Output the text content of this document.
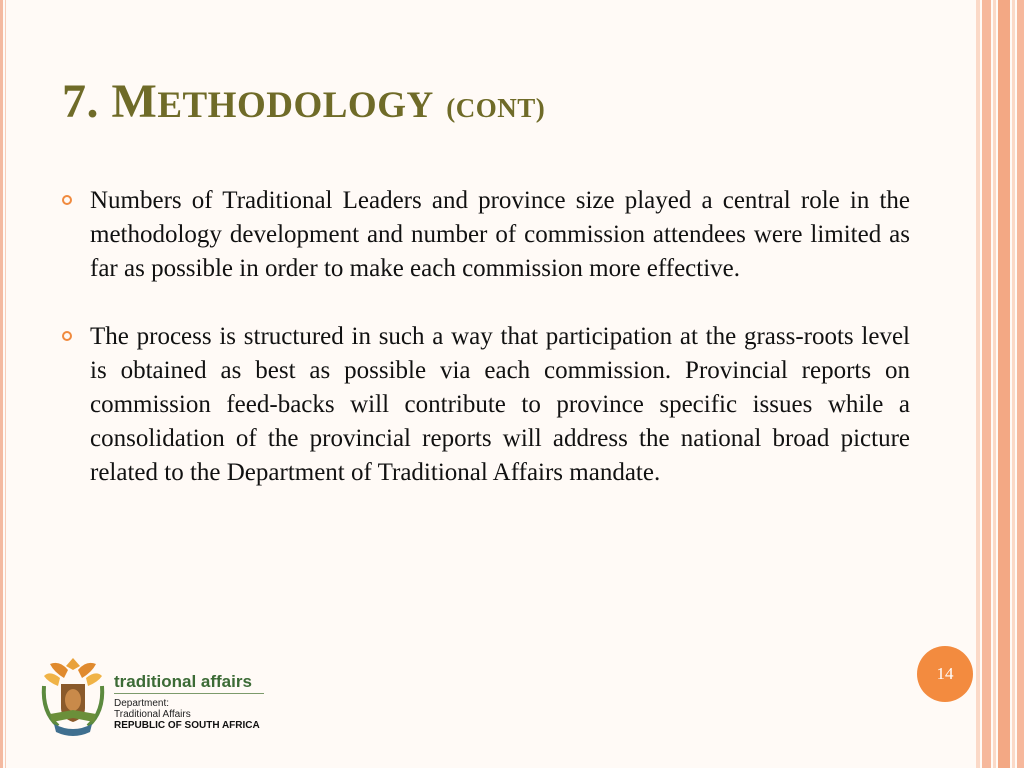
7. METHODOLOGY (CONT)
Numbers of Traditional Leaders and province size played a central role in the methodology development and number of commission attendees were limited as far as possible in order to make each commission more effective.
The process is structured in such a way that participation at the grass-roots level is obtained as best as possible via each commission. Provincial reports on commission feed-backs will contribute to province specific issues while a consolidation of the provincial reports will address the national broad picture related to the Department of Traditional Affairs mandate.
14
traditional affairs
Department:
Traditional Affairs
REPUBLIC OF SOUTH AFRICA
